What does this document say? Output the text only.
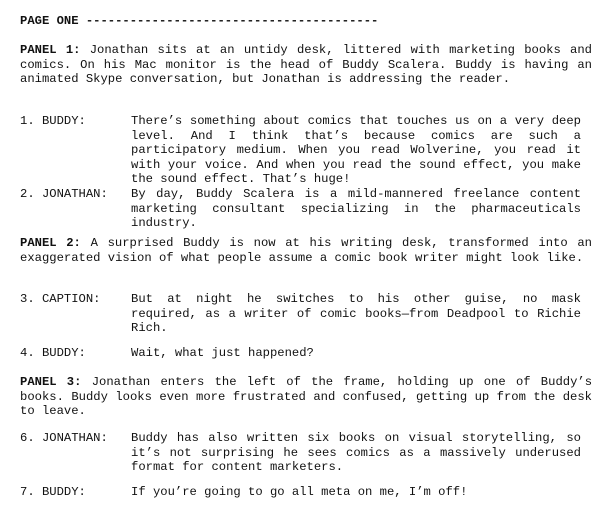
PAGE ONE ----------------------------------------
PANEL 1: Jonathan sits at an untidy desk, littered with marketing books and comics. On his Mac monitor is the head of Buddy Scalera. Buddy is having an animated Skype conversation, but Jonathan is addressing the reader.
1. BUDDY:	There’s something about comics that touches us on a very deep level. And I think that’s because comics are such a participatory medium. When you read Wolverine, you read it with your voice. And when you read the sound effect, you make the sound effect. That’s huge!
2. JONATHAN:	By day, Buddy Scalera is a mild-mannered freelance content marketing consultant specializing in the pharmaceuticals industry.
PANEL 2: A surprised Buddy is now at his writing desk, transformed into an exaggerated vision of what people assume a comic book writer might look like.
3. CAPTION:	But at night he switches to his other guise, no mask required, as a writer of comic books—from Deadpool to Richie Rich.
4. BUDDY:	Wait, what just happened?
PANEL 3: Jonathan enters the left of the frame, holding up one of Buddy’s books. Buddy looks even more frustrated and confused, getting up from the desk to leave.
6. JONATHAN:	Buddy has also written six books on visual storytelling, so it’s not surprising he sees comics as a massively underused format for content marketers.
7. BUDDY:	If you’re going to go all meta on me, I’m off!
